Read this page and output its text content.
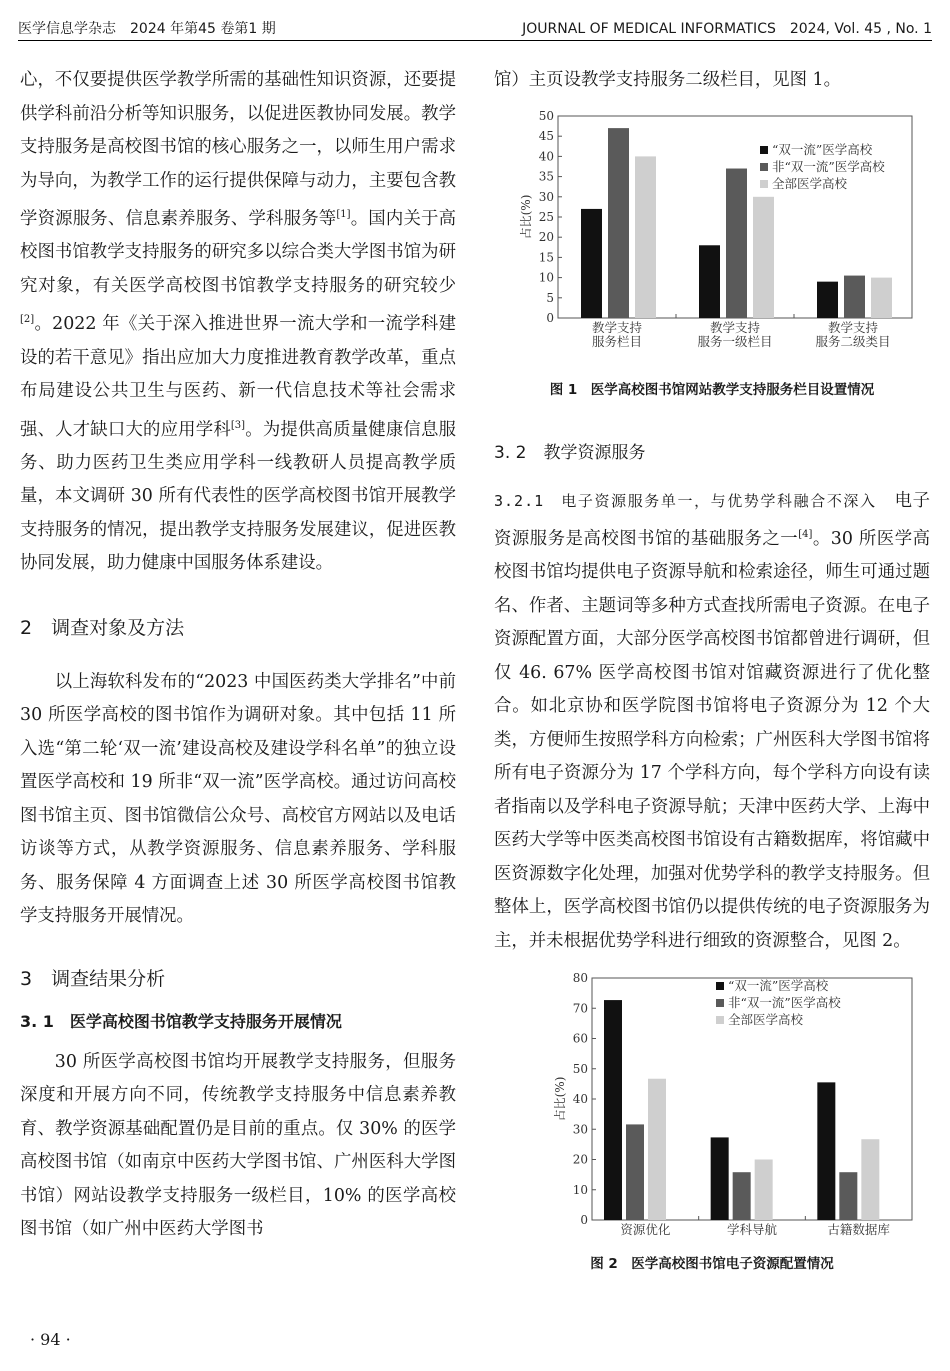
医学信息学杂志　2024 年第45 卷第1 期	JOURNAL OF MEDICAL INFORMATICS　2024, Vol. 45 , No. 1

心，不仅要提供医学教学所需的基础性知识资源，还要提供学科前沿分析等知识服务，以促进医教协同发展。教学支持服务是高校图书馆的核心服务之一，以师生用户需求为导向，为教学工作的运行提供保障与动力，主要包含教学资源服务、信息素养服务、学科服务等[1]。国内关于高校图书馆教学支持服务的研究多以综合类大学图书馆为研究对象，有关医学高校图书馆教学支持服务的研究较少[2]。2022 年《关于深入推进世界一流大学和一流学科建设的若干意见》指出应加大力度推进教育教学改革，重点布局建设公共卫生与医药、新一代信息技术等社会需求强、人才缺口大的应用学科[3]。为提供高质量健康信息服务、助力医药卫生类应用学科一线教研人员提高教学质量，本文调研 30 所有代表性的医学高校图书馆开展教学支持服务的情况，提出教学支持服务发展建议，促进医教协同发展，助力健康中国服务体系建设。

2　调查对象及方法

以上海软科发布的“2023 中国医药类大学排名”中前 30 所医学高校的图书馆作为调研对象。其中包括 11 所入选“第二轮‘双一流’建设高校及建设学科名单”的独立设置医学高校和 19 所非“双一流”医学高校。通过访问高校图书馆主页、图书馆微信公众号、高校官方网站以及电话访谈等方式，从教学资源服务、信息素养服务、学科服务、服务保障 4 方面调查上述 30 所医学高校图书馆教学支持服务开展情况。

3　调查结果分析
3. 1　医学高校图书馆教学支持服务开展情况

30 所医学高校图书馆均开展教学支持服务，但服务深度和开展方向不同，传统教学支持服务中信息素养教育、教学资源基础配置仍是目前的重点。仅 30% 的医学高校图书馆（如南京中医药大学图书馆、广州医科大学图书馆）网站设教学支持服务一级栏目，10% 的医学高校图书馆（如广州中医药大学图书

馆）主页设教学支持服务二级栏目，见图 1。

0
5
10
15
20
25
30
35
40
45
50
占比(%)
教学支持
服务栏目
教学支持
服务一级栏目
教学支持
服务二级类目
“双一流”医学高校
非“双一流”医学高校
全部医学高校
图 1　医学高校图书馆网站教学支持服务栏目设置情况
3. 2　教学资源服务

3.2.1　电子资源服务单一，与优势学科融合不深入　 电子资源服务是高校图书馆的基础服务之一[4]。30 所医学高校图书馆均提供电子资源导航和检索途径，师生可通过题名、作者、主题词等多种方式查找所需电子资源。在电子资源配置方面，大部分医学高校图书馆都曾进行调研，但仅 46. 67% 医学高校图书馆对馆藏资源进行了优化整合。如北京协和医学院图书馆将电子资源分为 12 个大类，方便师生按照学科方向检索；广州医科大学图书馆将所有电子资源分为 17 个学科方向，每个学科方向设有读者指南以及学科电子资源导航；天津中医药大学、上海中医药大学等中医类高校图书馆设有古籍数据库，将馆藏中医资源数字化处理，加强对优势学科的教学支持服务。但整体上，医学高校图书馆仍以提供传统的电子资源服务为主，并未根据优势学科进行细致的资源整合，见图 2。

0
10
20
30
40
50
60
70
80
占比(%)
资源优化	学科导航	古籍数据库
“双一流”医学高校
非“双一流”医学高校
全部医学高校
图 2　医学高校图书馆电子资源配置情况
· 94 ·
